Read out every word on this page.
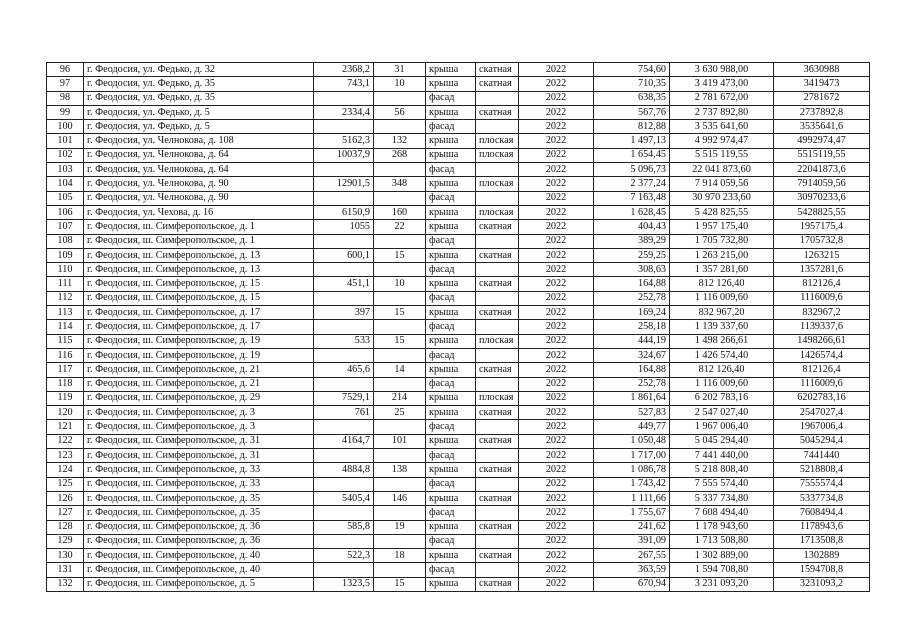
96	г. Феодосия, ул. Федько, д. 32	2368,2	31	крыша	скатная	2022	754,60	3 630 988,00	3630988
97	г. Феодосия, ул. Федько, д. 35	743,1	10	крыша	скатная	2022	710,35	3 419 473,00	3419473
98	г. Феодосия, ул. Федько, д. 35			фасад		2022	638,35	2 781 672,00	2781672
99	г. Феодосия, ул. Федько, д. 5	2334,4	56	крыша	скатная	2022	567,76	2 737 892,80	2737892,8
100	г. Феодосия, ул. Федько, д. 5			фасад		2022	812,88	3 535 641,60	3535641,6
101	г. Феодосия, ул. Челнокова, д. 108	5162,3	132	крыша	плоская	2022	1 497,13	4 992 974,47	4992974,47
102	г. Феодосия, ул. Челнокова, д. 64	10037,9	268	крыша	плоская	2022	1 654,45	5 515 119,55	5515119,55
103	г. Феодосия, ул. Челнокова, д. 64			фасад		2022	5 096,73	22 041 873,60	22041873,6
104	г. Феодосия, ул. Челнокова, д. 90	12901,5	348	крыша	плоская	2022	2 377,24	7 914 059,56	7914059,56
105	г. Феодосия, ул. Челнокова, д. 90			фасад		2022	7 163,48	30 970 233,60	30970233,6
106	г. Феодосия, ул. Чехова, д. 16	6150,9	160	крыша	плоская	2022	1 628,45	5 428 825,55	5428825,55
107	г. Феодосия, ш. Симферопольское, д. 1	1055	22	крыша	скатная	2022	404,43	1 957 175,40	1957175,4
108	г. Феодосия, ш. Симферопольское, д. 1			фасад		2022	389,29	1 705 732,80	1705732,8
109	г. Феодосия, ш. Симферопольское, д. 13	600,1	15	крыша	скатная	2022	259,25	1 263 215,00	1263215
110	г. Феодосия, ш. Симферопольское, д. 13			фасад		2022	308,63	1 357 281,60	1357281,6
111	г. Феодосия, ш. Симферопольское, д. 15	451,1	10	крыша	скатная	2022	164,88	812 126,40	812126,4
112	г. Феодосия, ш. Симферопольское, д. 15			фасад		2022	252,78	1 116 009,60	1116009,6
113	г. Феодосия, ш. Симферопольское, д. 17	397	15	крыша	скатная	2022	169,24	832 967,20	832967,2
114	г. Феодосия, ш. Симферопольское, д. 17			фасад		2022	258,18	1 139 337,60	1139337,6
115	г. Феодосия, ш. Симферопольское, д. 19	533	15	крыша	плоская	2022	444,19	1 498 266,61	1498266,61
116	г. Феодосия, ш. Симферопольское, д. 19			фасад		2022	324,67	1 426 574,40	1426574,4
117	г. Феодосия, ш. Симферопольское, д. 21	465,6	14	крыша	скатная	2022	164,88	812 126,40	812126,4
118	г. Феодосия, ш. Симферопольское, д. 21			фасад		2022	252,78	1 116 009,60	1116009,6
119	г. Феодосия, ш. Симферопольское, д. 29	7529,1	214	крыша	плоская	2022	1 861,64	6 202 783,16	6202783,16
120	г. Феодосия, ш. Симферопольское, д. 3	761	25	крыша	скатная	2022	527,83	2 547 027,40	2547027,4
121	г. Феодосия, ш. Симферопольское, д. 3			фасад		2022	449,77	1 967 006,40	1967006,4
122	г. Феодосия, ш. Симферопольское, д. 31	4164,7	101	крыша	скатная	2022	1 050,48	5 045 294,40	5045294,4
123	г. Феодосия, ш. Симферопольское, д. 31			фасад		2022	1 717,00	7 441 440,00	7441440
124	г. Феодосия, ш. Симферопольское, д. 33	4884,8	138	крыша	скатная	2022	1 086,78	5 218 808,40	5218808,4
125	г. Феодосия, ш. Симферопольское, д. 33			фасад		2022	1 743,42	7 555 574,40	7555574,4
126	г. Феодосия, ш. Симферопольское, д. 35	5405,4	146	крыша	скатная	2022	1 111,66	5 337 734,80	5337734,8
127	г. Феодосия, ш. Симферопольское, д. 35			фасад		2022	1 755,67	7 608 494,40	7608494,4
128	г. Феодосия, ш. Симферопольское, д. 36	585,8	19	крыша	скатная	2022	241,62	1 178 943,60	1178943,6
129	г. Феодосия, ш. Симферопольское, д. 36			фасад		2022	391,09	1 713 508,80	1713508,8
130	г. Феодосия, ш. Симферопольское, д. 40	522,3	18	крыша	скатная	2022	267,55	1 302 889,00	1302889
131	г. Феодосия, ш. Симферопольское, д. 40			фасад		2022	363,59	1 594 708,80	1594708,8
132	г. Феодосия, ш. Симферопольское, д. 5	1323,5	15	крыша	скатная	2022	670,94	3 231 093,20	3231093,2
